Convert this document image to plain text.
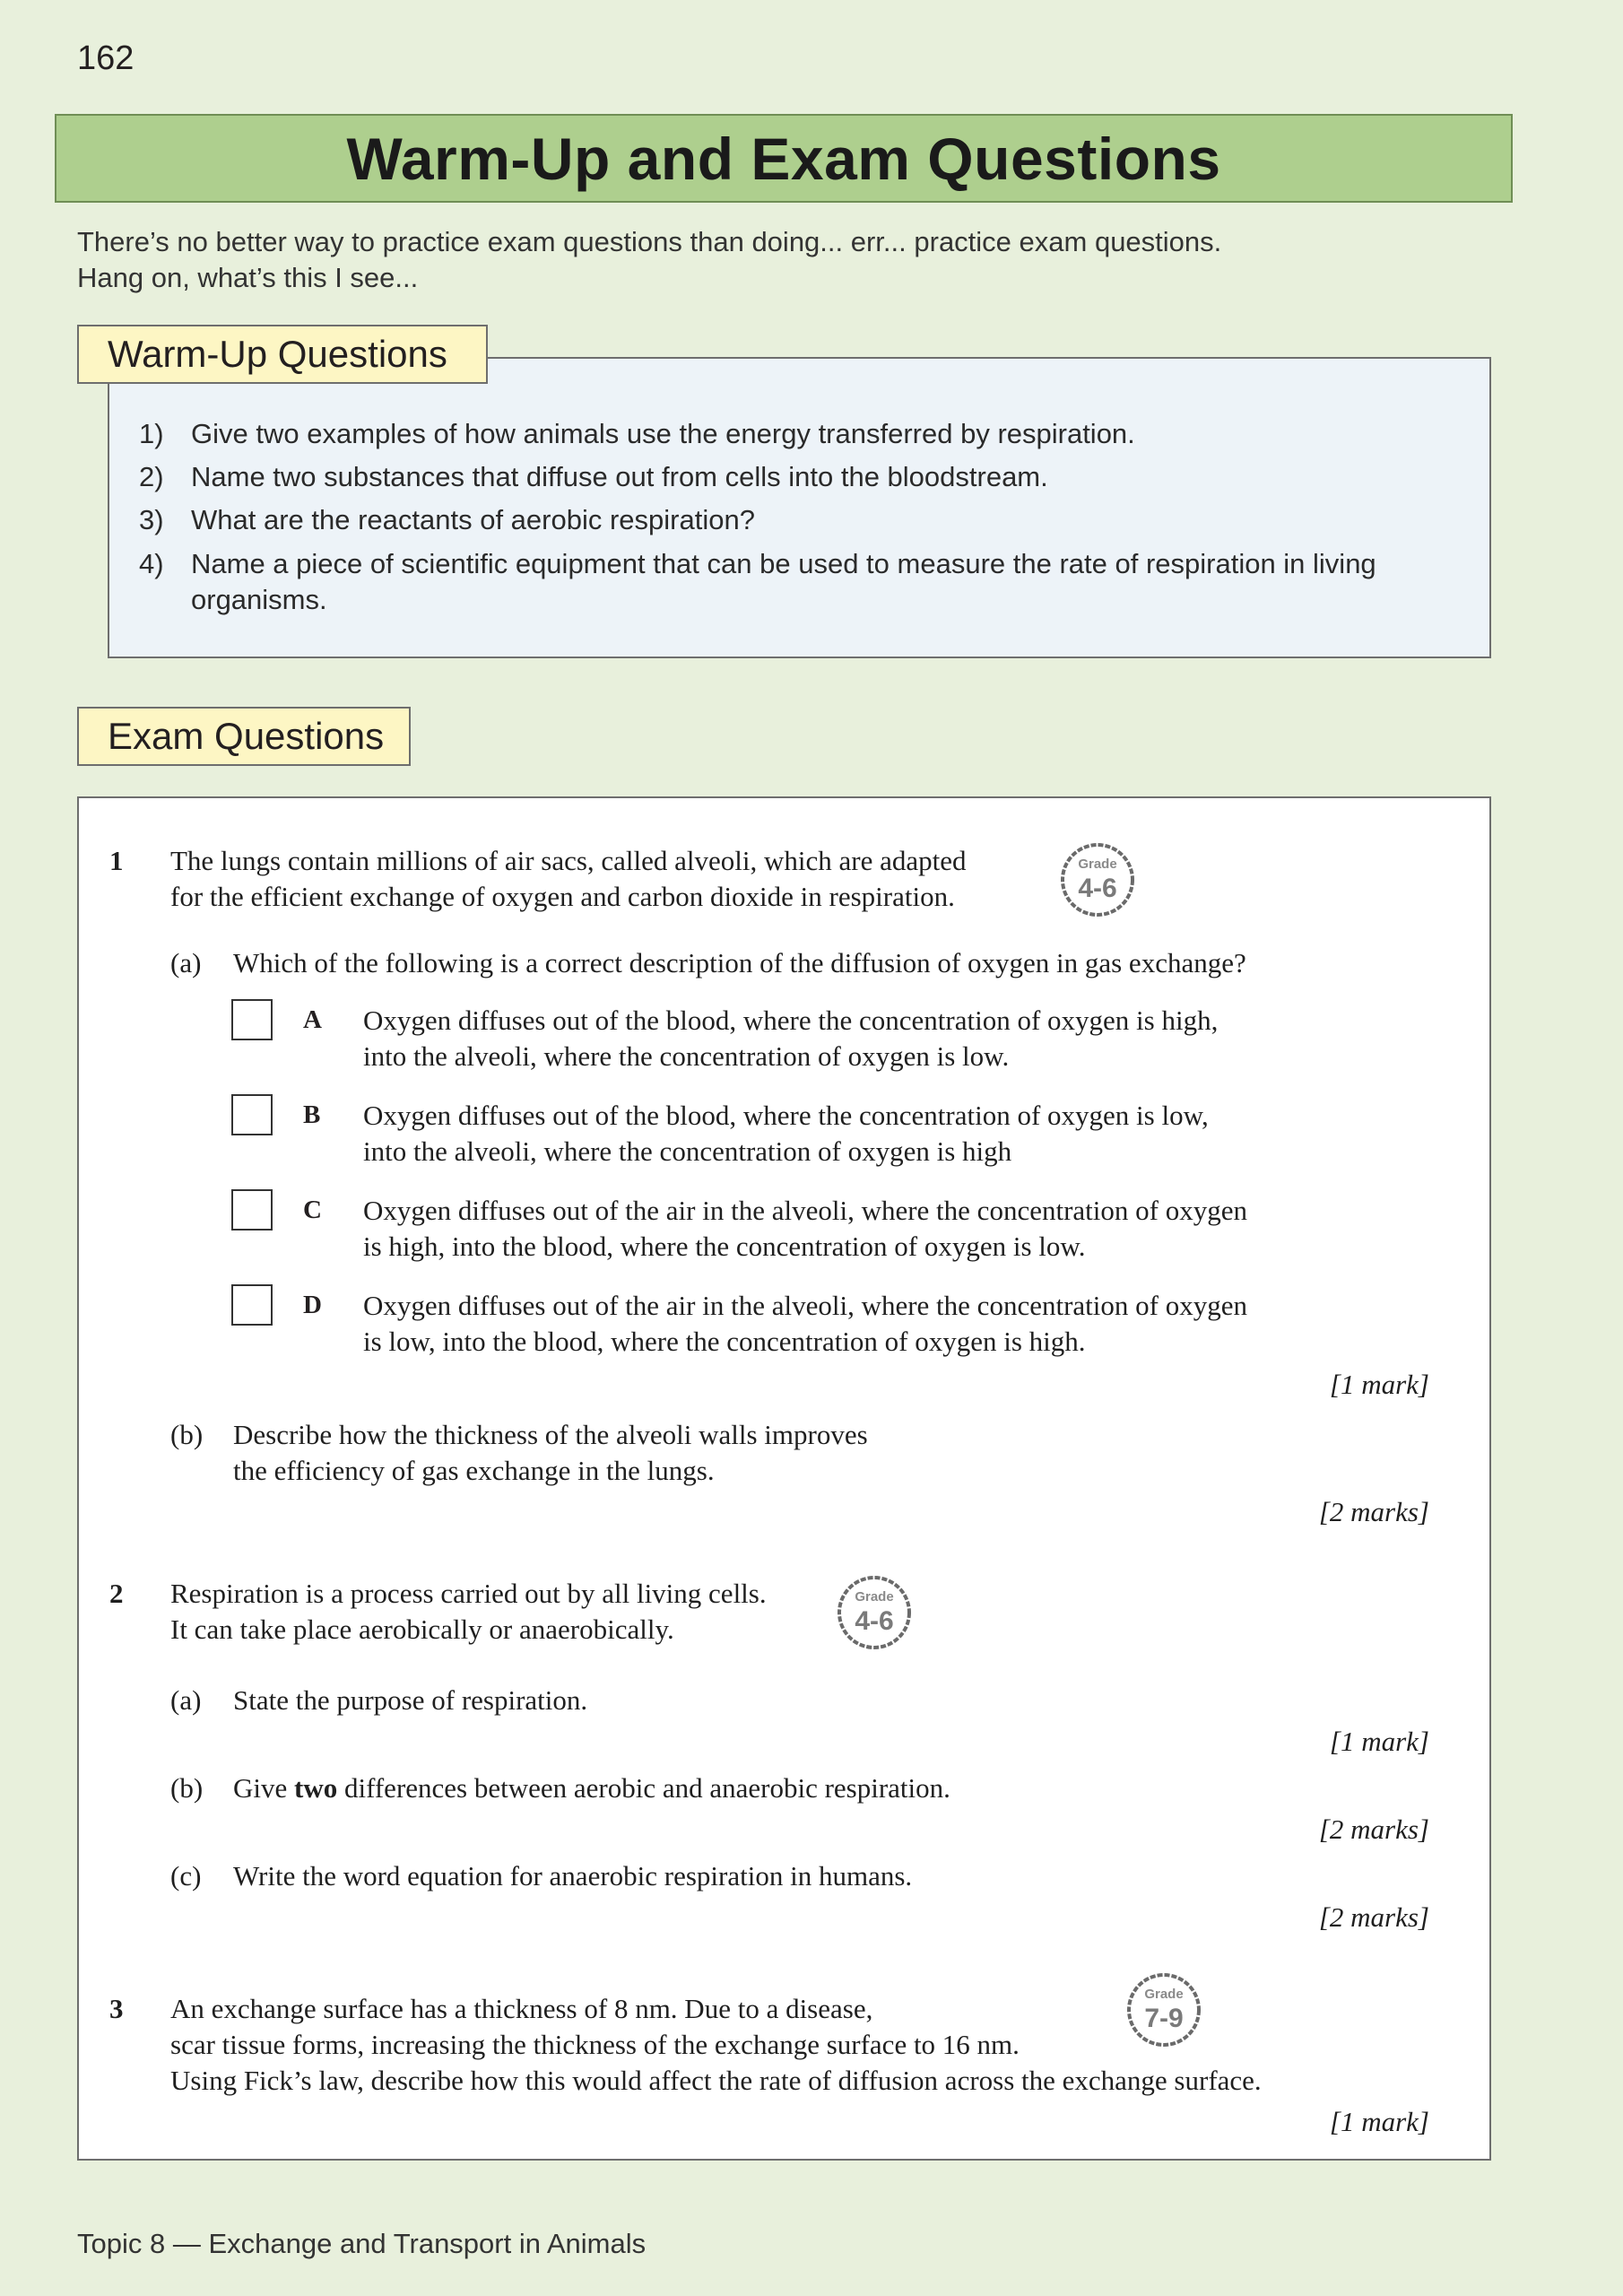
162
Warm-Up and Exam Questions
There’s no better way to practice exam questions than doing... err... practice exam questions.
Hang on, what’s this I see...
Warm-Up Questions
1) Give two examples of how animals use the energy transferred by respiration.
2) Name two substances that diffuse out from cells into the bloodstream.
3) What are the reactants of aerobic respiration?
4) Name a piece of scientific equipment that can be used to measure the rate of respiration in living organisms.
Exam Questions
1 The lungs contain millions of air sacs, called alveoli, which are adapted
for the efficient exchange of oxygen and carbon dioxide in respiration.
Grade
4-6
(a) Which of the following is a correct description of the diffusion of oxygen in gas exchange?
A Oxygen diffuses out of the blood, where the concentration of oxygen is high,
into the alveoli, where the concentration of oxygen is low.
B Oxygen diffuses out of the blood, where the concentration of oxygen is low,
into the alveoli, where the concentration of oxygen is high
C Oxygen diffuses out of the air in the alveoli, where the concentration of oxygen
is high, into the blood, where the concentration of oxygen is low.
D Oxygen diffuses out of the air in the alveoli, where the concentration of oxygen
is low, into the blood, where the concentration of oxygen is high.
[1 mark]
(b) Describe how the thickness of the alveoli walls improves
the efficiency of gas exchange in the lungs.
[2 marks]
2 Respiration is a process carried out by all living cells.
It can take place aerobically or anaerobically.
Grade
4-6
(a) State the purpose of respiration.
[1 mark]
(b) Give two differences between aerobic and anaerobic respiration.
[2 marks]
(c) Write the word equation for anaerobic respiration in humans.
[2 marks]
3 An exchange surface has a thickness of 8 nm. Due to a disease,
scar tissue forms, increasing the thickness of the exchange surface to 16 nm.
Using Fick’s law, describe how this would affect the rate of diffusion across the exchange surface.
Grade
7-9
[1 mark]
Topic 8 — Exchange and Transport in Animals
